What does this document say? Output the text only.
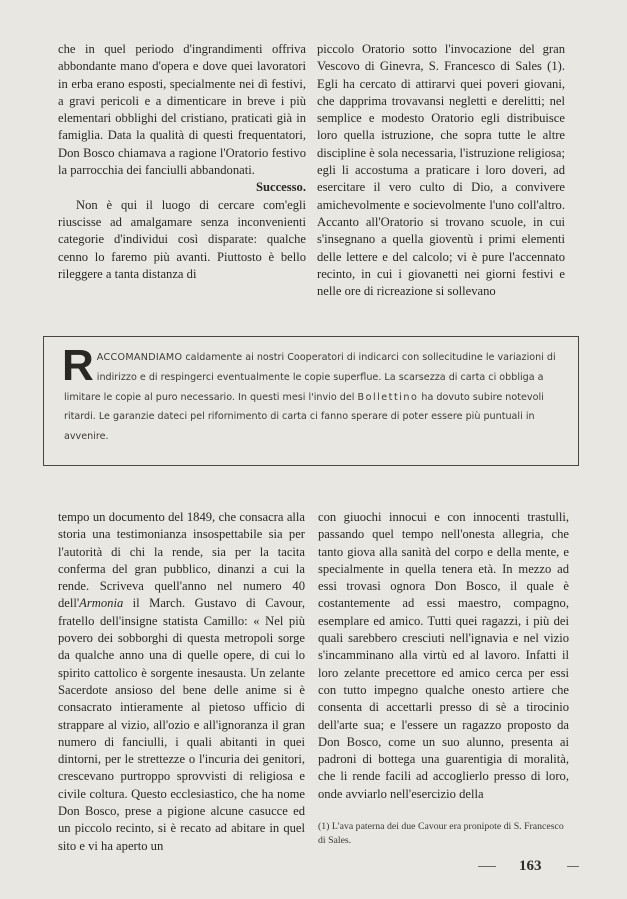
che in quel periodo d'ingrandimenti offriva abbondante mano d'opera e dove quei lavoratori in erba erano esposti, specialmente nei dì festivi, a gravi pericoli e a dimenticare in breve i più elementari obblighi del cristiano, praticati già in famiglia. Data la qualità di questi frequentatori, Don Bosco chiamava a ragione l'Oratorio festivo la parrocchia dei fanciulli abbandonati.

Successo.

Non è qui il luogo di cercare com'egli riuscisse ad amalgamare senza inconvenienti categorie d'individui così disparate: qualche cenno lo faremo più avanti. Piuttosto è bello rileggere a tanta distanza di

piccolo Oratorio sotto l'invocazione del gran Vescovo di Ginevra, S. Francesco di Sales (1). Egli ha cercato di attirarvi quei poveri giovani, che dapprima trovavansi negletti e derelitti; nel semplice e modesto Oratorio egli distribuisce loro quella istruzione, che sopra tutte le altre discipline è sola necessaria, l'istruzione religiosa; egli li accostuma a praticare i loro doveri, ad esercitare il vero culto di Dio, a convivere amichevolmente e socievolmente l'uno coll'altro. Accanto all'Oratorio si trovano scuole, in cui s'insegnano a quella gioventù i primi elementi delle lettere e del calcolo; vi è pure l'accennato recinto, in cui i giovanetti nei giorni festivi e nelle ore di ricreazione si sollevano

RACCOMANDIAMO caldamente ai nostri Cooperatori di indicarci con sollecitudine le variazioni di indirizzo e di respingerci eventualmente le copie superflue. La scarsezza di carta ci obbliga a limitare le copie al puro necessario. In questi mesi l'invio del Bollettino ha dovuto subire notevoli ritardi. Le garanzie dateci pel rifornimento di carta ci fanno sperare di poter essere più puntuali in avvenire.

tempo un documento del 1849, che consacra alla storia una testimonianza insospettabile sia per l'autorità di chi la rende, sia per la tacita conferma del gran pubblico, dinanzi a cui la rende. Scriveva quell'anno nel numero 40 dell'Armonia il March. Gustavo di Cavour, fratello dell'insigne statista Camillo: « Nel più povero dei sobborghi di questa metropoli sorge da qualche anno una di quelle opere, di cui lo spirito cattolico è sorgente inesausta. Un zelante Sacerdote ansioso del bene delle anime si è consacrato intieramente al pietoso ufficio di strappare al vizio, all'ozio e all'ignoranza il gran numero di fanciulli, i quali abitanti in quei dintorni, per le strettezze o l'incuria dei genitori, crescevano purtroppo sprovvisti di religiosa e civile coltura. Questo ecclesiastico, che ha nome Don Bosco, prese a pigione alcune casucce ed un piccolo recinto, si è recato ad abitare in quel sito e vi ha aperto un

con giuochi innocui e con innocenti trastulli, passando quel tempo nell'onesta allegria, che tanto giova alla sanità del corpo e della mente, e specialmente in quella tenera età. In mezzo ad essi trovasi ognora Don Bosco, il quale è costantemente ad essi maestro, compagno, esemplare ed amico. Tutti quei ragazzi, i più dei quali sarebbero cresciuti nell'ignavia e nel vizio s'incamminano alla virtù ed al lavoro. Infatti il loro zelante precettore ed amico cerca per essi con tutto impegno qualche onesto artiere che consenta di accettarli presso di sè a tirocinio dell'arte sua; e l'essere un ragazzo proposto da Don Bosco, come un suo alunno, presenta ai padroni di bottega una guarentigia di moralità, che li rende facili ad accoglierlo presso di loro, onde avviarlo nell'esercizio della

(1) L'ava paterna dei due Cavour era pronipote di S. Francesco di Sales.
163
